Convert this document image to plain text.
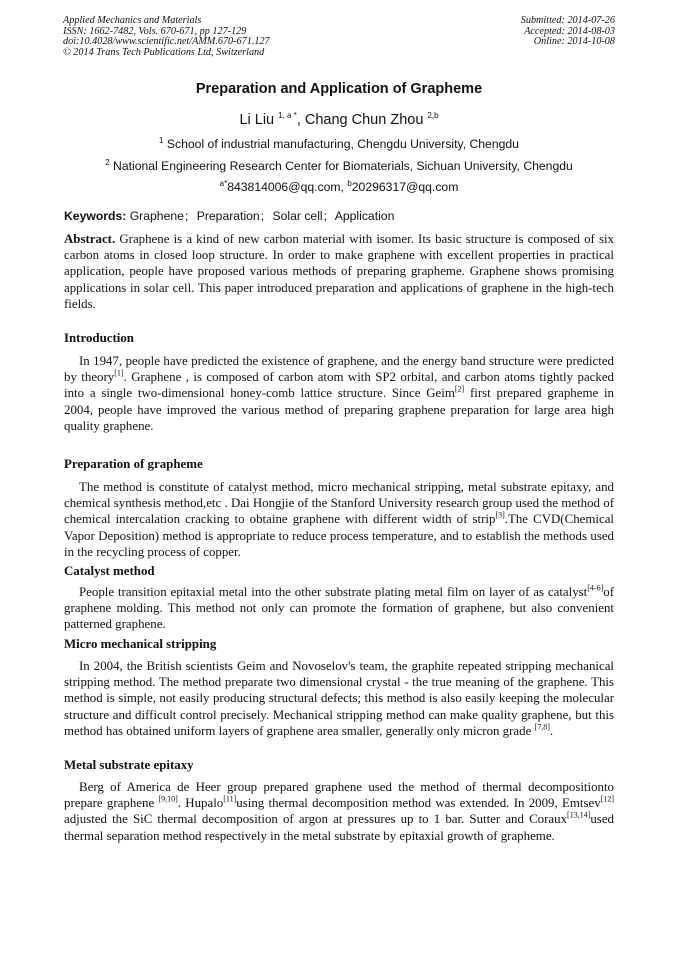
Applied Mechanics and Materials
ISSN: 1662-7482, Vols. 670-671, pp 127-129
doi:10.4028/www.scientific.net/AMM.670-671.127
© 2014 Trans Tech Publications Ltd, Switzerland
Submitted: 2014-07-26
Accepted: 2014-08-03
Online: 2014-10-08
Preparation and Application of Grapheme
Li Liu $^{1, a *}$, Chang Chun Zhou $^{2,b}$
$^1$ School of industrial manufacturing, Chengdu University, Chengdu
$^2$ National Engineering Research Center for Biomaterials, Sichuan University, Chengdu
$^{a*}$843814006@qq.com, $^b$20296317@qq.com
Keywords: Graphene; Preparation; Solar cell; Application

Abstract. Graphene is a kind of new carbon material with isomer. Its basic structure is composed of six carbon atoms in closed loop structure. In order to make graphene with excellent properties in practical application, people have proposed various methods of preparing grapheme. Graphene shows promising applications in solar cell. This paper introduced preparation and applications of graphene in the high-tech fields.

Introduction

In 1947, people have predicted the existence of graphene, and the energy band structure were predicted by theory[1]. Graphene , is composed of carbon atom with SP2 orbital, and carbon atoms tightly packed into a single two-dimensional honey-comb lattice structure. Since Geim[2] first prepared grapheme in 2004, people have improved the various method of preparing graphene preparation for large area high quality graphene.

Preparation of grapheme

The method is constitute of catalyst method, micro mechanical stripping, metal substrate epitaxy, and chemical synthesis method,etc . Dai Hongjie of the Stanford University research group used the method of chemical intercalation cracking to obtaine graphene with different width of strip[3].The CVD(Chemical Vapor Deposition) method is appropriate to reduce process temperature, and to establish the methods used in the recycling process of copper.

Catalyst method

People transition epitaxial metal into the other substrate plating metal film on layer of as catalyst[4-6]of graphene molding. This method not only can promote the formation of graphene, but also convenient patterned graphene.

Micro mechanical stripping

In 2004, the British scientists Geim and Novoselov's team, the graphite repeated stripping mechanical stripping method. The method preparate two dimensional crystal - the true meaning of the graphene. This method is simple, not easily producing structural defects; this method is also easily keeping the molecular structure and difficult control precisely. Mechanical stripping method can make quality graphene, but this method has obtained uniform layers of graphene area smaller, generally only micron grade [7,8].

Metal substrate epitaxy

Berg of America de Heer group prepared graphene used the method of thermal decompositionto prepare graphene [9,10]. Hupalo[11]using thermal decomposition method was extended. In 2009, Emtsev[12] adjusted the SiC thermal decomposition of argon at pressures up to 1 bar. Sutter and Coraux[13,14]used thermal separation method respectively in the metal substrate by epitaxial growth of grapheme.
